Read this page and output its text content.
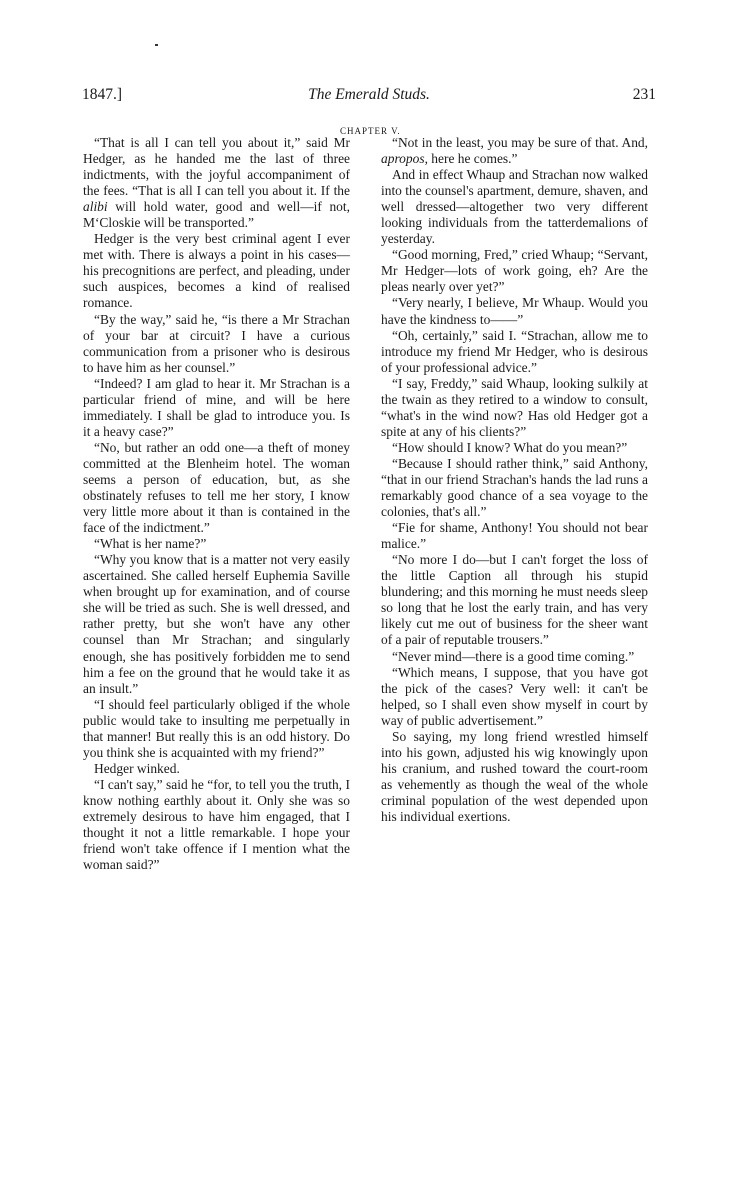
1847.]	The Emerald Studs.	231
CHAPTER V.

“That is all I can tell you about it,” said Mr Hedger, as he handed me the last of three indictments, with the joyful accompaniment of the fees. “That is all I can tell you about it. If the alibi will hold water, good and well—if not, M‘Closkie will be transported.”

Hedger is the very best criminal agent I ever met with. There is always a point in his cases—his precognitions are perfect, and pleading, under such auspices, becomes a kind of realised romance.

“By the way,” said he, “is there a Mr Strachan of your bar at circuit? I have a curious communication from a prisoner who is desirous to have him as her counsel.”

“Indeed? I am glad to hear it. Mr Strachan is a particular friend of mine, and will be here immediately. I shall be glad to introduce you. Is it a heavy case?”

“No, but rather an odd one—a theft of money committed at the Blenheim hotel. The woman seems a person of education, but, as she obstinately refuses to tell me her story, I know very little more about it than is contained in the face of the indictment.”

“What is her name?”

“Why you know that is a matter not very easily ascertained. She called herself Euphemia Saville when brought up for examination, and of course she will be tried as such. She is well dressed, and rather pretty, but she won't have any other counsel than Mr Strachan; and singularly enough, she has positively forbidden me to send him a fee on the ground that he would take it as an insult.”

“I should feel particularly obliged if the whole public would take to insulting me perpetually in that manner! But really this is an odd history. Do you think she is acquainted with my friend?”

Hedger winked.

“I can't say,” said he “for, to tell you the truth, I know nothing earthly about it. Only she was so extremely desirous to have him engaged, that I thought it not a little remarkable. I hope your friend won't take offence if I mention what the woman said?”

“Not in the least, you may be sure of that. And, apropos, here he comes.”

And in effect Whaup and Strachan now walked into the counsel's apartment, demure, shaven, and well dressed—altogether two very different looking individuals from the tatterdemalions of yesterday.

“Good morning, Fred,” cried Whaup; “Servant, Mr Hedger—lots of work going, eh? Are the pleas nearly over yet?”

“Very nearly, I believe, Mr Whaup. Would you have the kindness to——”

“Oh, certainly,” said I. “Strachan, allow me to introduce my friend Mr Hedger, who is desirous of your professional advice.”

“I say, Freddy,” said Whaup, looking sulkily at the twain as they retired to a window to consult, “what's in the wind now? Has old Hedger got a spite at any of his clients?”

“How should I know? What do you mean?”

“Because I should rather think,” said Anthony, “that in our friend Strachan's hands the lad runs a remarkably good chance of a sea voyage to the colonies, that's all.”

“Fie for shame, Anthony! You should not bear malice.”

“No more I do—but I can't forget the loss of the little Caption all through his stupid blundering; and this morning he must needs sleep so long that he lost the early train, and has very likely cut me out of business for the sheer want of a pair of reputable trousers.”

“Never mind—there is a good time coming.”

“Which means, I suppose, that you have got the pick of the cases? Very well: it can't be helped, so I shall even show myself in court by way of public advertisement.”

So saying, my long friend wrestled himself into his gown, adjusted his wig knowingly upon his cranium, and rushed toward the court-room as vehemently as though the weal of the whole criminal population of the west depended upon his individual exertions.
